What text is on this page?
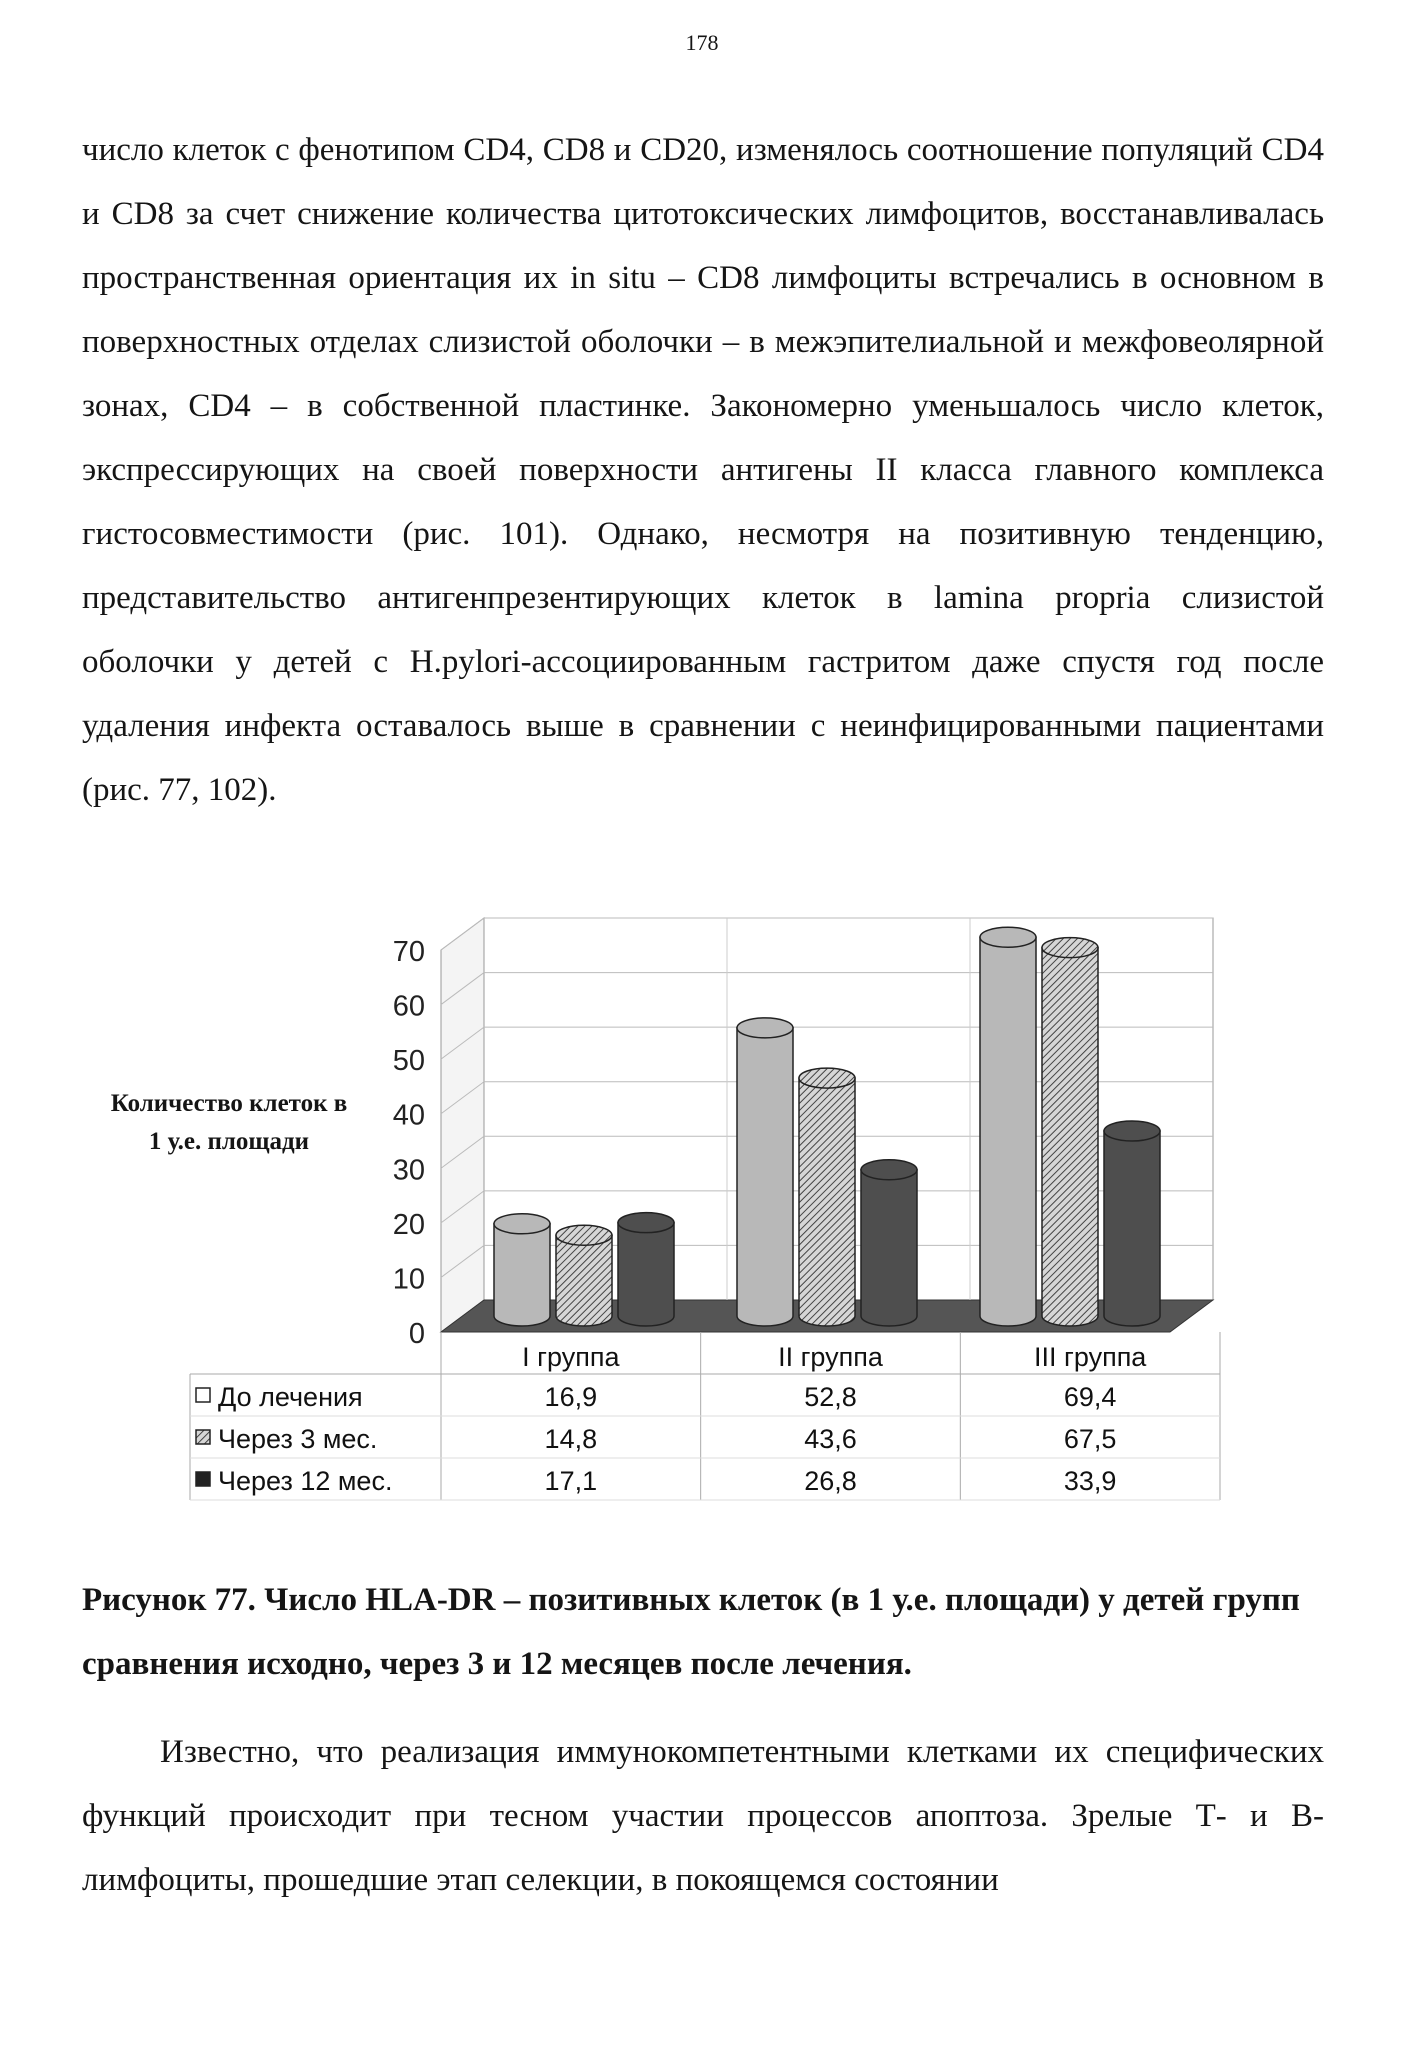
178

число клеток с фенотипом CD4, CD8 и CD20, изменялось соотношение популяций CD4 и CD8 за счет снижение количества цитотоксических лимфоцитов, восстанавливалась пространственная ориентация их in situ – CD8 лимфоциты встречались в основном в поверхностных отделах слизистой оболочки – в межэпителиальной и межфовеолярной зонах, CD4 – в собственной пластинке. Закономерно уменьшалось число клеток, экспрессирующих на своей поверхности антигены II класса главного комплекса гистосовместимости (рис. 101). Однако, несмотря на позитивную тенденцию, представительство антигенпрезентирующих клеток в lamina propria слизистой оболочки у детей с H.pylori-ассоциированным гастритом даже спустя год после удаления инфекта оставалось выше в сравнении с неинфицированными пациентами (рис. 77, 102).

Количество клеток в 1 у.е. площади
0
10
20
30
40
50
60
70
I группа	II группа	III группа
До лечения	16,9	52,8	69,4
Через 3 мес.	14,8	43,6	67,5
Через 12 мес.	17,1	26,8	33,9

Рисунок 77. Число HLA-DR – позитивных клеток (в 1 у.е. площади) у детей групп сравнения исходно, через 3 и 12 месяцев после лечения.

Известно, что реализация иммунокомпетентными клетками их специфических функций происходит при тесном участии процессов апоптоза. Зрелые Т- и В-лимфоциты, прошедшие этап селекции, в покоящемся состоянии
